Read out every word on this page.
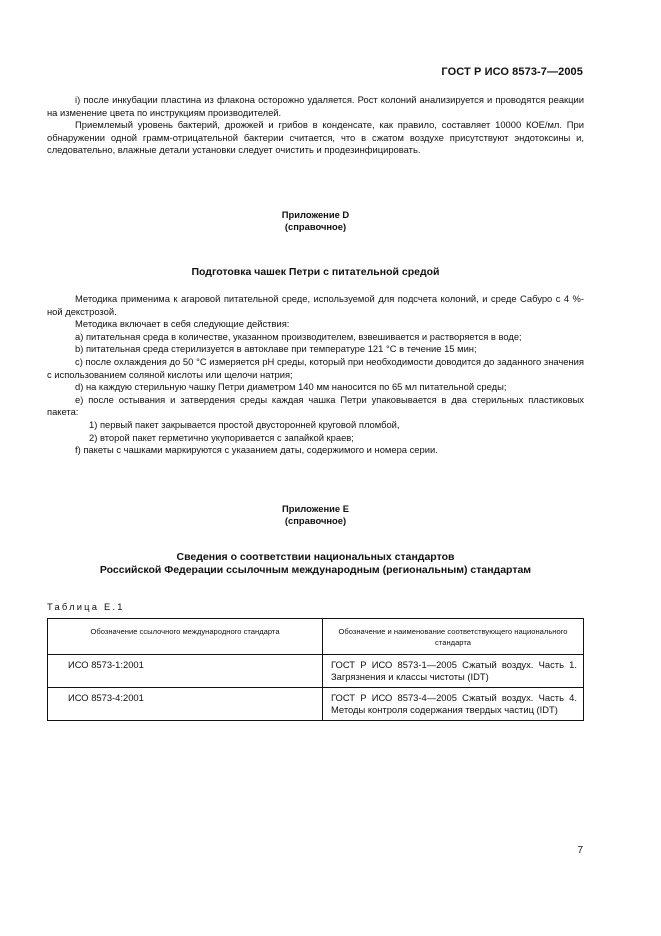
ГОСТ Р ИСО 8573-7—2005

i) после инкубации пластина из флакона осторожно удаляется. Рост колоний анализируется и проводятся реакции на изменение цвета по инструкциям производителей.

Приемлемый уровень бактерий, дрожжей и грибов в конденсате, как правило, составляет 10000 КОЕ/мл. При обнаружении одной грамм-отрицательной бактерии считается, что в сжатом воздухе присутствуют эндотоксины и, следовательно, влажные детали установки следует очистить и продезинфицировать.

Приложение D
(справочное)
Подготовка чашек Петри с питательной средой

Методика применима к агаровой питательной среде, используемой для подсчета колоний, и среде Сабуро с 4 %-ной декстрозой.

Методика включает в себя следующие действия:

a) питательная среда в количестве, указанном производителем, взвешивается и растворяется в воде;

b) питательная среда стерилизуется в автоклаве при температуре 121 °С в течение 15 мин;

c) после охлаждения до 50 °С измеряется pH среды, который при необходимости доводится до заданного значения с использованием соляной кислоты или щелочи натрия;

d) на каждую стерильную чашку Петри диаметром 140 мм наносится по 65 мл питательной среды;

e) после остывания и затвердения среды каждая чашка Петри упаковывается в два стерильных пластиковых пакета:

1) первый пакет закрывается простой двусторонней круговой пломбой,

2) второй пакет герметично укупоривается с запайкой краев;

f) пакеты с чашками маркируются с указанием даты, содержимого и номера серии.

Приложение Е
(справочное)
Сведения о соответствии национальных стандартов
Российской Федерации ссылочным международным (региональным) стандартам
Таблица Е.1
Обозначение ссылочного международного стандарта	Обозначение и наименование соответствующего национального стандарта
ИСО 8573-1:2001	ГОСТ Р ИСО 8573-1—2005 Сжатый воздух. Часть 1. Загрязнения и классы чистоты (IDT)
ИСО 8573-4:2001	ГОСТ Р ИСО 8573-4—2005 Сжатый воздух. Часть 4. Методы контроля содержания твердых частиц (IDT)
7
